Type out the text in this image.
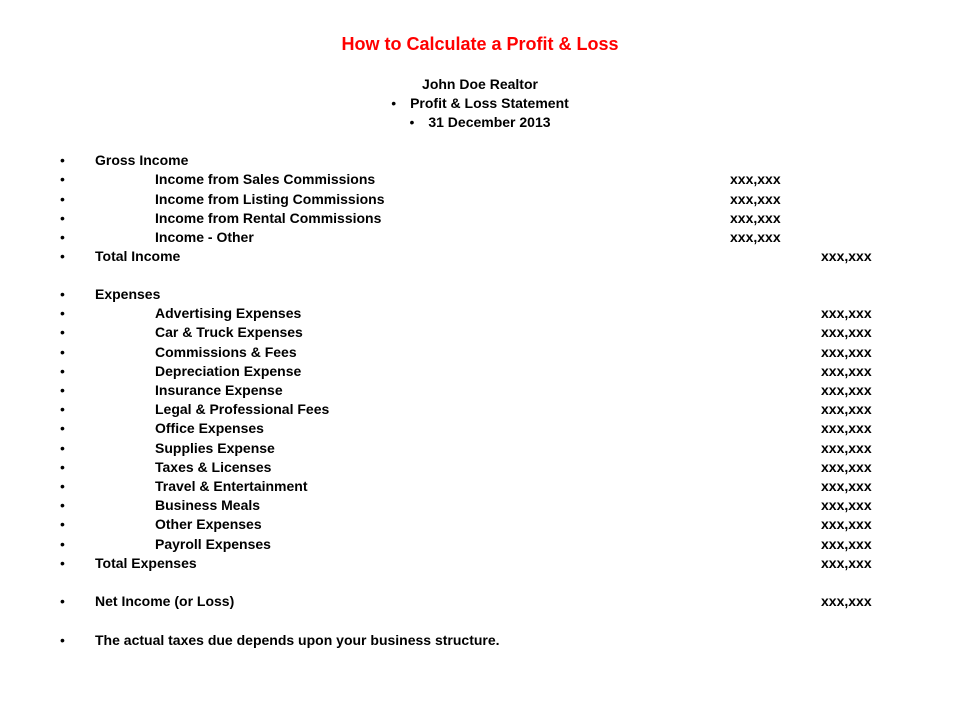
How to Calculate a Profit & Loss
John Doe Realtor
• Profit & Loss Statement
• 31 December 2013
• Gross Income
•	Income from Sales Commissions	xxx,xxx
•	Income from Listing Commissions	xxx,xxx
•	Income from Rental Commissions	xxx,xxx
•	Income - Other	xxx,xxx
• Total Income	xxx,xxx
• Expenses
•	Advertising Expenses	xxx,xxx
•	Car & Truck Expenses	xxx,xxx
•	Commissions & Fees	xxx,xxx
•	Depreciation Expense	xxx,xxx
•	Insurance Expense	xxx,xxx
•	Legal & Professional Fees	xxx,xxx
•	Office Expenses	xxx,xxx
•	Supplies Expense	xxx,xxx
•	Taxes & Licenses	xxx,xxx
•	Travel & Entertainment	xxx,xxx
•	Business Meals	xxx,xxx
•	Other Expenses	xxx,xxx
•	Payroll Expenses	xxx,xxx
• Total Expenses	xxx,xxx
• Net Income (or Loss)	xxx,xxx
• The actual taxes due depends upon your business structure.
